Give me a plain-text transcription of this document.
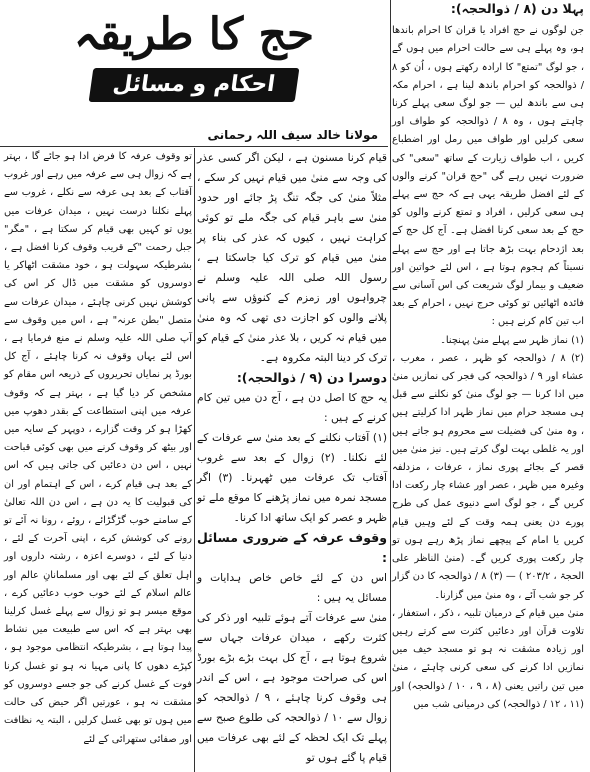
حج کا طریقہ
احکام و مسائل
مولانا خالد سیف اللہ رحمانی

پہلا دن (۸ / ذوالحجہ):

جن لوگوں نے حج افراد یا قران کا احرام باندھا ہو، وہ پہلے ہی سے حالت احرام میں ہوں گے ، جو لوگ "تمتع" کا ارادہ رکھتے ہوں ، اُن کو ۸ / ذوالحجہ کو احرام باندھ لینا ہے ، احرام مکہ ہی سے باندھ لیں — جو لوگ سعی پہلے کرنا چاہتے ہوں ، وہ ۸ / ذوالحجہ کو طواف اور سعی کرلیں اور طواف میں رمل اور اضطباع کریں ، اب طواف زیارت کے ساتھ "سعی" کی ضرورت نہیں رہے گی "حج قران" کرنے والوں کے لئے افضل طریقہ یہی ہے کہ حج سے پہلے ہی سعی کرلیں ، افراد و تمتع کرنے والوں کو حج کے بعد سعی کرنا افضل ہے۔ آج کل حج کے بعد اژدحام بہت بڑھ جاتا ہے اور حج سے پہلے نسبتاً کم ہجوم ہوتا ہے ، اس لئے خواتین اور ضعیف و بیمار لوگ شریعت کی اس آسانی سے فائدہ اٹھائیں تو کوئی حرج نہیں ، احرام کے بعد اب تین کام کرنے ہیں :

(۱) نماز ظہر سے پہلے منیٰ پہنچنا۔

(۲) ۸ / ذوالحجہ کو ظہر ، عصر ، مغرب ، عشاء اور ۹ / ذوالحجہ کی فجر کی نمازیں منیٰ میں ادا کرنا — جو لوگ منیٰ کو نکلنے سے قبل ہی مسجد حرام میں نماز ظہر ادا کرلیتے ہیں ، وہ منیٰ کی فضیلت سے محروم ہو جاتے ہیں اور یہ غلطی بہت لوگ کرتے ہیں۔ نیز منیٰ میں قصر کے بجائے پوری نماز ، عرفات ، مزدلفہ وغیرہ میں ظہر ، عصر اور عشاء چار رکعت ادا کریں گے ، جو لوگ اسے دنیوی عمل کی طرح پورے دن یعنی ہمہ وقت کے لئے وہیں قیام کریں یا امام کے پیچھے نماز پڑھ رہے ہوں تو چار رکعت پوری کریں گے۔ (منیٰ الناظر علی الحجۃ ، ۲۰۳/۲ ) — (۳) ۸ / ذوالحجہ کا دن گزار کر جو شب آئے ، وہ منیٰ میں گزارنا۔

منیٰ میں قیام کے درمیان تلبیہ ، ذکر ، استغفار ، تلاوت قرآن اور دعائیں کثرت سے کرتے رہیں اور زیادہ مشقت نہ ہو تو مسجد خیف میں نمازیں ادا کرنے کی سعی کرنی چاہئے ، منیٰ میں تین راتیں یعنی (۸ ، ۹ ، ۱۰ / ذوالحجہ) اور (۱۱ ، ۱۲ / ذوالحجہ) کی درمیانی شب میں

قیام کرنا مسنون ہے ، لیکن اگر کسی عذر کی وجہ سے منیٰ میں قیام نہیں کر سکے ، مثلاً منیٰ کی جگہ تنگ پڑ جائے اور حدود منیٰ سے باہر قیام کی جگہ ملے تو کوئی کراہت نہیں ، کیوں کہ عذر کی بناء پر منیٰ میں قیام کو ترک کیا جاسکتا ہے ، رسول اللہ صلی اللہ علیہ وسلم نے چرواہوں اور زمزم کے کنوؤں سے پانی پلانے والوں کو اجازت دی تھی کہ وہ منیٰ میں قیام نہ کریں ، بلا عذر منیٰ کے قیام کو ترک کر دینا البتہ مکروہ ہے۔

دوسرا دن (۹ / ذوالحجہ):

یہ حج کا اصل دن ہے ، آج دن میں تین کام کرنے کے ہیں :

(۱) آفتاب نکلنے کے بعد منیٰ سے عرفات کے لئے نکلنا۔ (۲) زوال کے بعد سے غروب آفتاب تک عرفات میں ٹھہرنا۔ (۳) اگر مسجد نمرہ میں نماز پڑھنے کا موقع ملے تو ظہر و عصر کو ایک ساتھ ادا کرنا۔

وقوف عرفہ کے ضروری مسائل :

اس دن کے لئے خاص خاص ہدایات و مسائل یہ ہیں :

منیٰ سے عرفات آتے ہوئے تلبیہ اور ذکر کی کثرت رکھے ، میدان عرفات جہاں سے شروع ہوتا ہے ، آج کل بہت بڑے بڑے بورڈ اس کی صراحت موجود ہے ، اس کے اندر ہی وقوف کرنا چاہئے ، ۹ / ذوالحجہ کو زوال سے ۱۰ / ذوالحجہ کی طلوع صبح سے پہلے تک ایک لحظہ کے لئے بھی عرفات میں قیام پا گئے ہوں تو

تو وقوف عرفہ کا فرض ادا ہو جائے گا ، بہتر ہے کہ زوال ہی سے عرفہ میں رہے اور غروب آفتاب کے بعد ہی عرفہ سے نکلے ، غروب سے پہلے نکلنا درست نہیں ، میدان عرفات میں یوں تو کہیں بھی قیام کر سکتا ہے ، "مگر" جبل رحمت "کے قریب وقوف کرنا افضل ہے ، بشرطیکہ سہولت ہو ، خود مشقت اٹھاکر یا دوسروں کو مشقت میں ڈال کر اس کی کوشش نہیں کرنی چاہئے ، میدان عرفات سے متصل "بطن عرنہ" ہے ، اس میں وقوف سے آپ صلی اللہ علیہ وسلم نے منع فرمایا ہے ، اس لئے یہاں وقوف نہ کرنا چاہئے ، آج کل بورڈ پر نمایاں تحریروں کے ذریعہ اس مقام کو مشخص کر دیا گیا ہے ، بہتر ہے کہ وقوف عرفہ میں اپنی استطاعت کے بقدر دھوپ میں کھڑا ہو کر وقت گزارے ، دوپہر کے سایہ میں اور بیٹھ کر وقوف کرنے میں بھی کوئی قباحت نہیں ، اس دن دعائیں کی جاتی ہیں کہ اس کے بعد ہی قیام کرے ، اس کے اہتمام اور ان کی قبولیت کا یہ دن ہے ، اس دن اللہ تعالیٰ کے سامنے خوب گڑگڑائے ، روئے ، رونا نہ آئے تو رونے کی کوشش کرے ، اپنی آخرت کے لئے ، دنیا کے لئے ، دوسرے اعزہ ، رشتہ داروں اور اہل تعلق کے لئے بھی اور مسلمانانِ عالم اور عالم اسلام کے لئے خوب خوب دعائیں کرے ، موقع میسر ہو تو زوال سے پہلے غسل کرلینا بھی بہتر ہے کہ اس سے طبیعت میں نشاط پیدا ہوتا ہے ، بشرطیکہ انتظامی موجود ہو ، کپڑے دھوں کا پانی مہیا نہ ہو تو غسل کرنا فوت کے غسل کرنے کی جو جسے دوسروں کو مشقت نہ ہو ، عورتیں اگر حیض کی حالت میں ہوں تو بھی غسل کرلیں ، البتہ یہ نظافت اور صفائی ستھرائی کے لئے
